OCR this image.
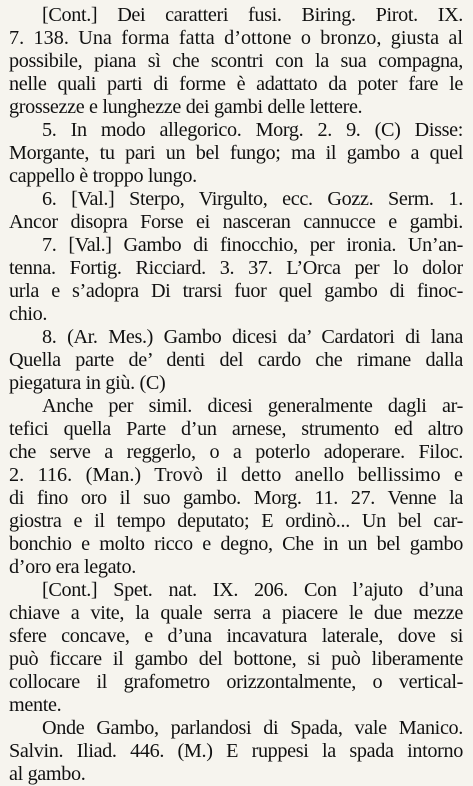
[Cont.] Dei caratteri fusi. Biring. Pirot. IX.
7. 138. Una forma fatta d’ottone o bronzo, giusta al
possibile, piana sì che scontri con la sua compagna,
nelle quali parti di forme è adattato da poter fare le
grossezze e lunghezze dei gambi delle lettere.
5. In modo allegorico. Morg. 2. 9. (C) Disse:
Morgante, tu pari un bel fungo; ma il gambo a quel
cappello è troppo lungo.
6. [Val.] Sterpo, Virgulto, ecc. Gozz. Serm. 1.
Ancor disopra Forse ei nasceran cannucce e gambi.
7. [Val.] Gambo di finocchio, per ironia. Un’an-
tenna. Fortig. Ricciard. 3. 37. L’Orca per lo dolor
urla e s’adopra Di trarsi fuor quel gambo di finoc-
chio.
8. (Ar. Mes.) Gambo dicesi da’ Cardatori di lana
Quella parte de’ denti del cardo che rimane dalla
piegatura in giù. (C)
Anche per simil. dicesi generalmente dagli ar-
tefici quella Parte d’un arnese, strumento ed altro
che serve a reggerlo, o a poterlo adoperare. Filoc.
2. 116. (Man.) Trovò il detto anello bellissimo e
di fino oro il suo gambo. Morg. 11. 27. Venne la
giostra e il tempo deputato; E ordinò... Un bel car-
bonchio e molto ricco e degno, Che in un bel gambo
d’oro era legato.
[Cont.] Spet. nat. IX. 206. Con l’ajuto d’una
chiave a vite, la quale serra a piacere le due mezze
sfere concave, e d’una incavatura laterale, dove si
può ficcare il gambo del bottone, si può liberamente
collocare il grafometro orizzontalmente, o vertical-
mente.
Onde Gambo, parlandosi di Spada, vale Manico.
Salvin. Iliad. 446. (M.) E ruppesi la spada intorno
al gambo.
